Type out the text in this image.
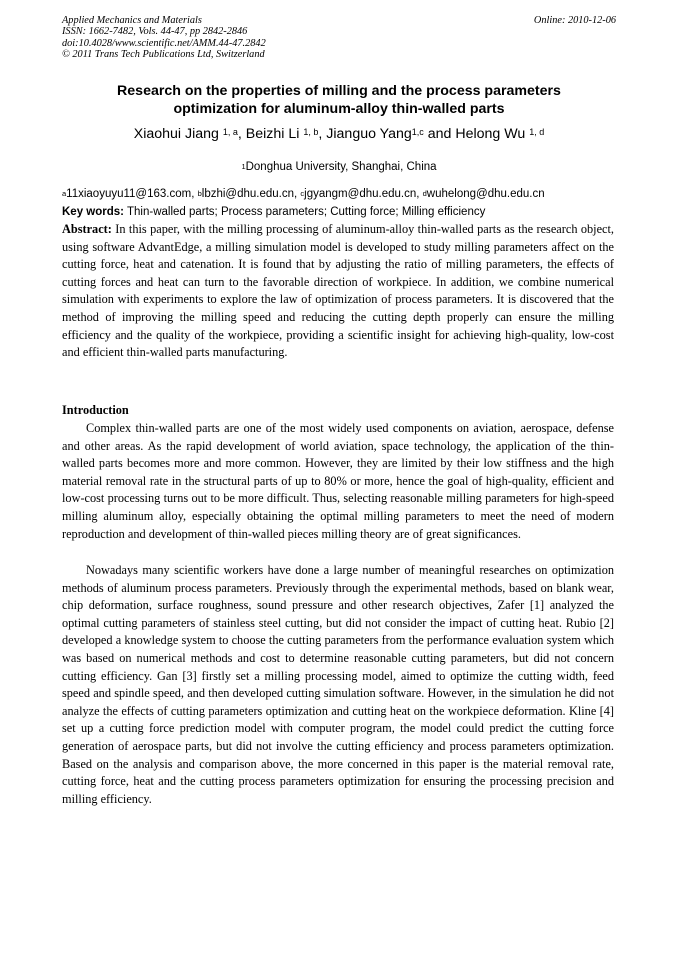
Applied Mechanics and Materials
ISSN: 1662-7482, Vols. 44-47, pp 2842-2846
doi:10.4028/www.scientific.net/AMM.44-47.2842
© 2011 Trans Tech Publications Ltd, Switzerland
Online: 2010-12-06
Research on the properties of milling and the process parameters
optimization for aluminum-alloy thin-walled parts
Xiaohui Jiang $^{1, a}$, Beizhi Li $^{1, b}$, Jianguo Yang$^{1,c}$ and Helong Wu $^{1, d}$
$^1$Donghua University, Shanghai, China
$^a$11xiaoyuyu11@163.com, $^b$lbzhi@dhu.edu.cn, $^c$jgyangm@dhu.edu.cn, $^d$wuhelong@dhu.edu.cn
Key words: Thin-walled parts; Process parameters; Cutting force; Milling efficiency
Abstract: In this paper, with the milling processing of aluminum-alloy thin-walled parts as the research object, using software AdvantEdge, a milling simulation model is developed to study milling parameters affect on the cutting force, heat and catenation. It is found that by adjusting the ratio of milling parameters, the effects of cutting forces and heat can turn to the favorable direction of workpiece. In addition, we combine numerical simulation with experiments to explore the law of optimization of process parameters. It is discovered that the method of improving the milling speed and reducing the cutting depth properly can ensure the milling efficiency and the quality of the workpiece, providing a scientific insight for achieving high-quality, low-cost and efficient thin-walled parts manufacturing.
Introduction
Complex thin-walled parts are one of the most widely used components on aviation, aerospace, defense and other areas. As the rapid development of world aviation, space technology, the application of the thin-walled parts becomes more and more common. However, they are limited by their low stiffness and the high material removal rate in the structural parts of up to 80% or more, hence the goal of high-quality, efficient and low-cost processing turns out to be more difficult. Thus, selecting reasonable milling parameters for high-speed milling aluminum alloy, especially obtaining the optimal milling parameters to meet the need of modern reproduction and development of thin-walled pieces milling theory are of great significances.
Nowadays many scientific workers have done a large number of meaningful researches on optimization methods of aluminum process parameters. Previously through the experimental methods, based on blank wear, chip deformation, surface roughness, sound pressure and other research objectives, Zafer [1] analyzed the optimal cutting parameters of stainless steel cutting, but did not consider the impact of cutting heat. Rubio [2] developed a knowledge system to choose the cutting parameters from the performance evaluation system which was based on numerical methods and cost to determine reasonable cutting parameters, but did not concern cutting efficiency. Gan [3] firstly set a milling processing model, aimed to optimize the cutting width, feed speed and spindle speed, and then developed cutting simulation software. However, in the simulation he did not analyze the effects of cutting parameters optimization and cutting heat on the workpiece deformation. Kline [4] set up a cutting force prediction model with computer program, the model could predict the cutting force generation of aerospace parts, but did not involve the cutting efficiency and process parameters optimization. Based on the analysis and comparison above, the more concerned in this paper is the material removal rate, cutting force, heat and the cutting process parameters optimization for ensuring the processing precision and milling efficiency.
